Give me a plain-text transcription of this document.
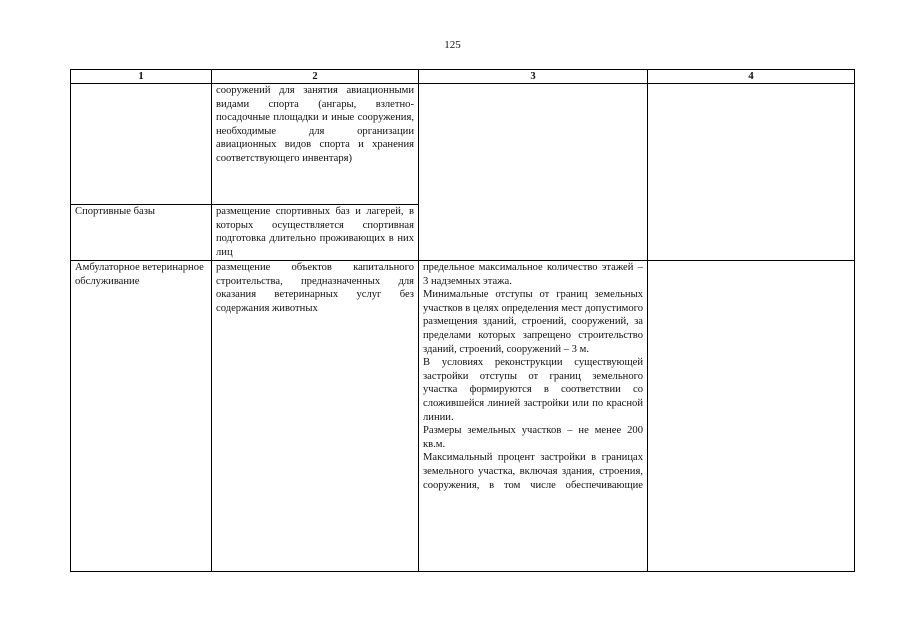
125
1	2	3	4
	сооружений для занятия авиационными видами спорта (ангары, взлетно-посадочные площадки и иные сооружения, необходимые для организации авиационных видов спорта и хранения соответствующего инвентаря)		
Спортивные базы	размещение спортивных баз и лагерей, в которых осуществляется спортивная подготовка длительно проживающих в них лиц		
Амбулаторное ветеринарное обслуживание	размещение объектов капитального строительства, предназначенных для оказания ветеринарных услуг без содержания животных	предельное максимальное количество этажей – 3 надземных этажа.
Минимальные отступы от границ земельных участков в целях определения мест допустимого размещения зданий, строений, сооружений, за пределами которых запрещено строительство зданий, строений, сооружений – 3 м.
В условиях реконструкции существующей застройки отступы от границ земельного участка формируются в соответствии со сложившейся линией застройки или по красной линии.
Размеры земельных участков – не менее 200 кв.м.
Максимальный процент застройки в границах земельного участка, включая здания, строения, сооружения, в том числе обеспечивающие	
